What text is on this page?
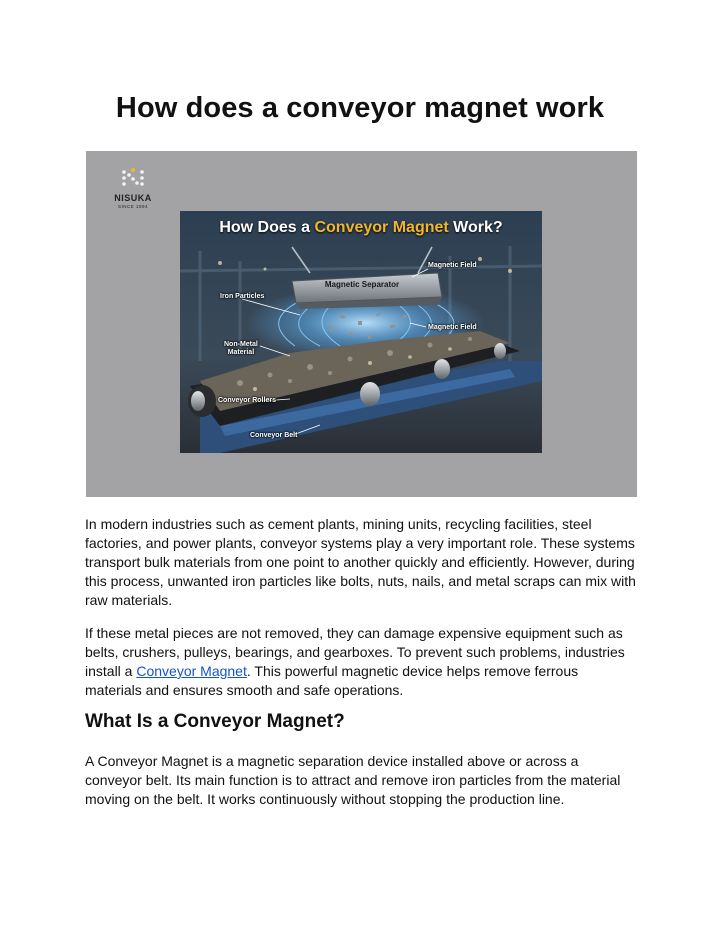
How does a conveyor magnet work
NISUKA
SINCE 1994
How Does a Conveyor Magnet Work?
Magnetic Separator
Magnetic Field
Iron Particles
Magnetic Field
Non-Metal
Material
Conveyor Rollers
Conveyor Belt

In modern industries such as cement plants, mining units, recycling facilities, steel factories, and power plants, conveyor systems play a very important role. These systems transport bulk materials from one point to another quickly and efficiently. However, during this process, unwanted iron particles like bolts, nuts, nails, and metal scraps can mix with raw materials.

If these metal pieces are not removed, they can damage expensive equipment such as belts, crushers, pulleys, bearings, and gearboxes. To prevent such problems, industries install a Conveyor Magnet. This powerful magnetic device helps remove ferrous materials and ensures smooth and safe operations.

What Is a Conveyor Magnet?

A Conveyor Magnet is a magnetic separation device installed above or across a conveyor belt. Its main function is to attract and remove iron particles from the material moving on the belt. It works continuously without stopping the production line.
